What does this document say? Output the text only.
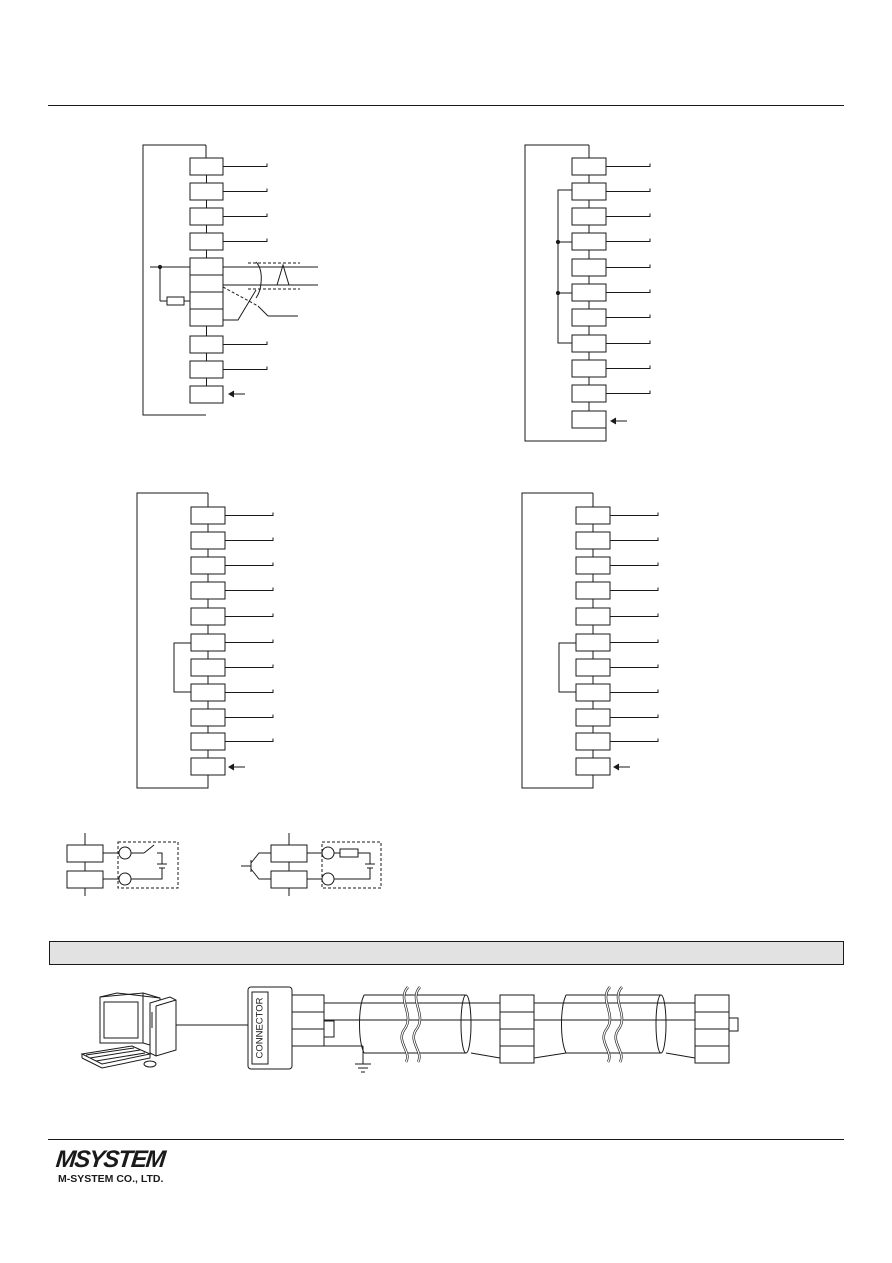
CONNECTOR
MSYSTEM
M-SYSTEM CO., LTD.
